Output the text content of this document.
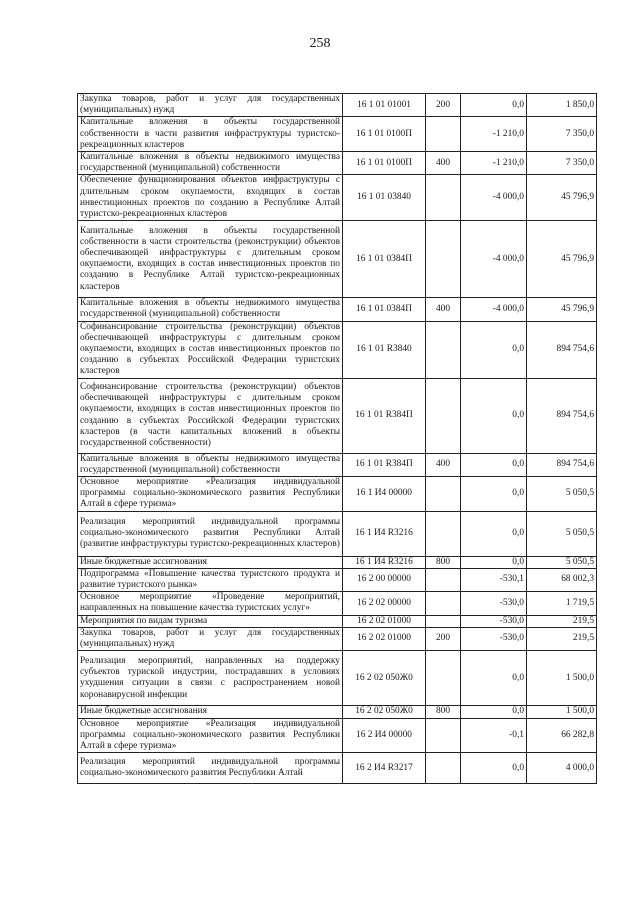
258
Закупка товаров, работ и услуг для государственных (муниципальных) нужд	16 1 01 01001	200	0,0	1 850,0
Капитальные вложения в объекты государственной собственности в части развития инфраструктуры туристско-рекреационных кластеров	16 1 01 0100П		-1 210,0	7 350,0
Капитальные вложения в объекты недвижимого имущества государственной (муниципальной) собственности	16 1 01 0100П	400	-1 210,0	7 350,0
Обеспечение функционирования объектов инфраструктуры с длительным сроком окупаемости, входящих в состав инвестиционных проектов по созданию в Республике Алтай туристско-рекреационных кластеров	16 1 01 03840		-4 000,0	45 796,9
Капитальные вложения в объекты государственной собственности в части строительства (реконструкции) объектов обеспечивающей инфраструктуры с длительным сроком окупаемости, входящих в состав инвестиционных проектов по созданию в Республике Алтай туристско-рекреационных кластеров	16 1 01 0384П		-4 000,0	45 796,9
Капитальные вложения в объекты недвижимого имущества государственной (муниципальной) собственности	16 1 01 0384П	400	-4 000,0	45 796,9
Софинансирование строительства (реконструкции) объектов обеспечивающей инфраструктуры с длительным сроком окупаемости, входящих в состав инвестиционных проектов по созданию в субъектах Российской Федерации туристских кластеров	16 1 01 R3840		0,0	894 754,6
Софинансирование строительства (реконструкции) объектов обеспечивающей инфраструктуры с длительным сроком окупаемости, входящих в состав инвестиционных проектов по созданию в субъектах Российской Федерации туристских кластеров (в части капитальных вложений в объекты государственной собственности)	16 1 01 R384П		0,0	894 754,6
Капитальные вложения в объекты недвижимого имущества государственной (муниципальной) собственности	16 1 01 R384П	400	0,0	894 754,6
Основное мероприятие «Реализация индивидуальной программы социально-экономического развития Республики Алтай в сфере туризма»	16 1 И4 00000		0,0	5 050,5
Реализация мероприятий индивидуальной программы социально-экономического развития Республики Алтай (развитие инфраструктуры туристско-рекреационных кластеров)	16 1 И4 R3216		0,0	5 050,5
Иные бюджетные ассигнования	16 1 И4 R3216	800	0,0	5 050,5
Подпрограмма «Повышение качества туристского продукта и развитие туристского рынка»	16 2 00 00000		-530,1	68 002,3
Основное мероприятие «Проведение мероприятий, направленных на повышение качества туристских услуг»	16 2 02 00000		-530,0	1 719,5
Мероприятия по видам туризма	16 2 02 01000		-530,0	219,5
Закупка товаров, работ и услуг для государственных (муниципальных) нужд	16 2 02 01000	200	-530,0	219,5
Реализация мероприятий, направленных на поддержку субъектов туриской индустрии, пострадавших в условиях ухудшения ситуации в связи с распространением новой коронавирусной инфекции	16 2 02 050Ж0		0,0	1 500,0
Иные бюджетные ассигнования	16 2 02 050Ж0	800	0,0	1 500,0
Основное мероприятие «Реализация индивидуальной программы социально-экономического развития Республики Алтай в сфере туризма»	16 2 И4 00000		-0,1	66 282,8
Реализация мероприятий индивидуальной программы социально-экономического развития Республики Алтай	16 2 И4 R3217		0,0	4 000,0
